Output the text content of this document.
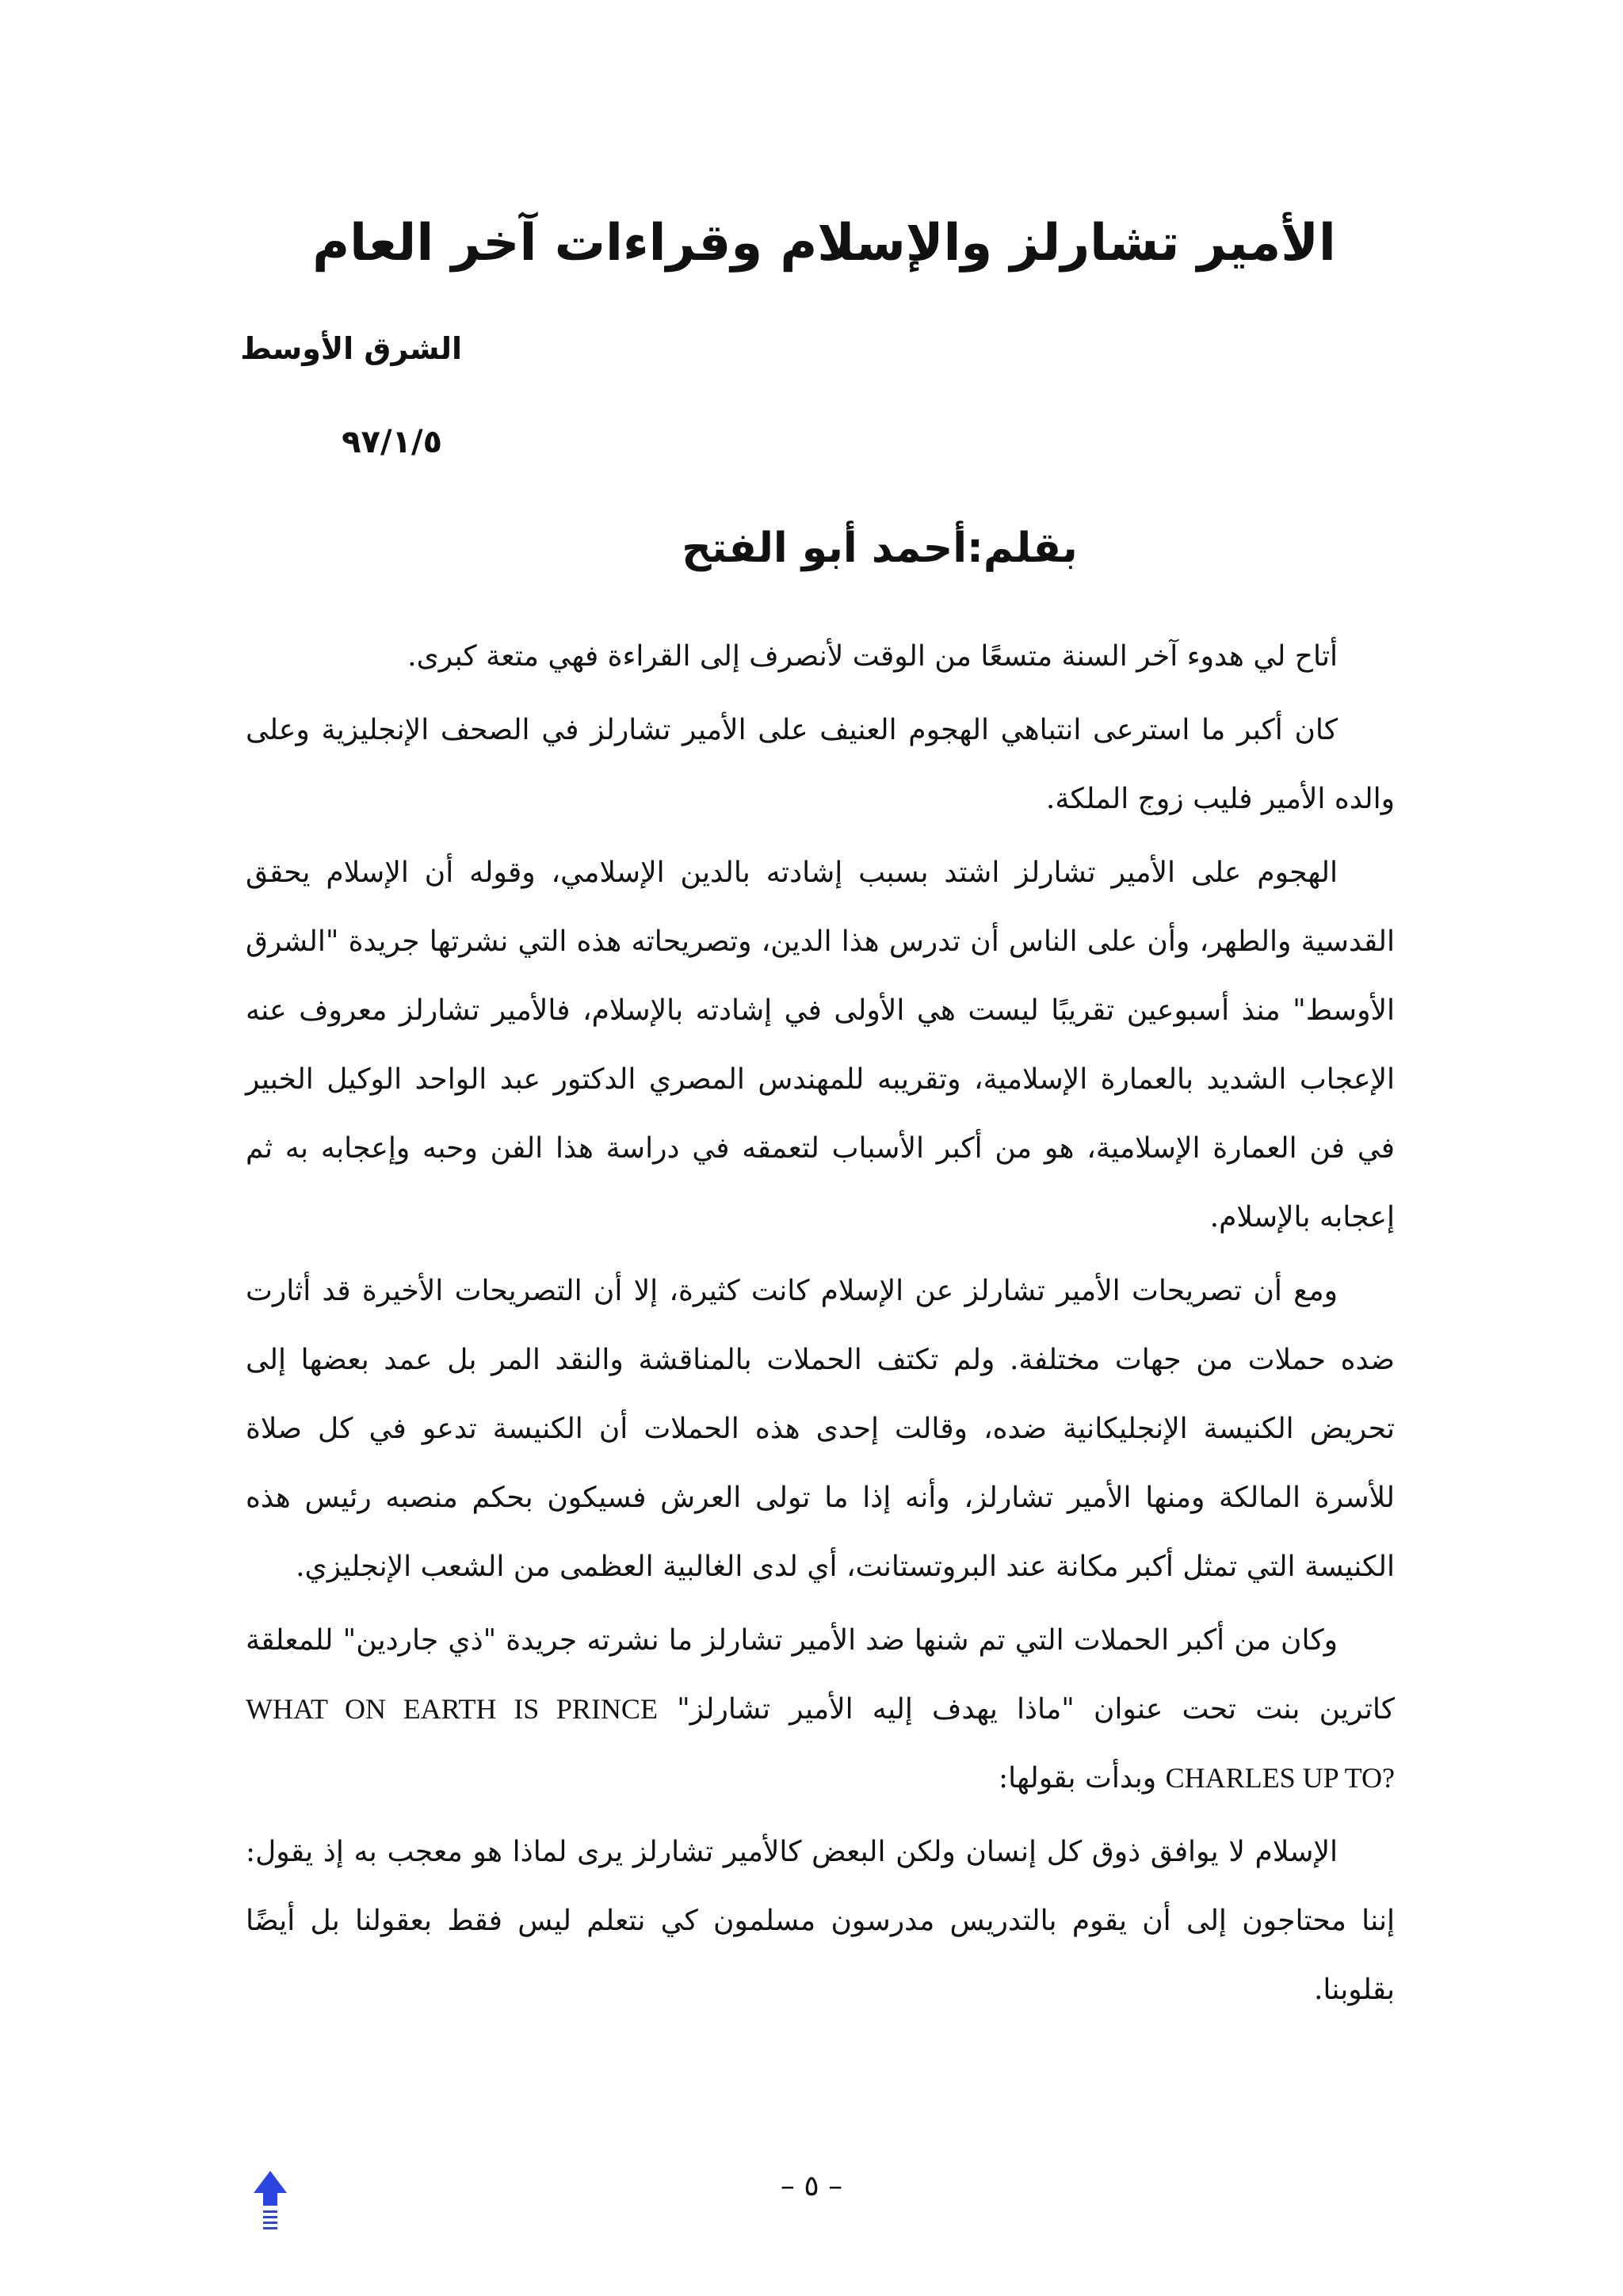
الأمير تشارلز والإسلام وقراءات آخر العام
الشرق الأوسط
٩٧/١/٥
بقلم:أحمد أبو الفتح

أتاح لي هدوء آخر السنة متسعًا من الوقت لأنصرف إلى القراءة فهي متعة كبرى.

كان أكبر ما استرعى انتباهي الهجوم العنيف على الأمير تشارلز في الصحف الإنجليزية وعلى والده الأمير فليب زوج الملكة.

الهجوم على الأمير تشارلز اشتد بسبب إشادته بالدين الإسلامي، وقوله أن الإسلام يحقق القدسية والطهر، وأن على الناس أن تدرس هذا الدين، وتصريحاته هذه التي نشرتها جريدة "الشرق الأوسط" منذ أسبوعين تقريبًا ليست هي الأولى في إشادته بالإسلام، فالأمير تشارلز معروف عنه الإعجاب الشديد بالعمارة الإسلامية، وتقريبه للمهندس المصري الدكتور عبد الواحد الوكيل الخبير في فن العمارة الإسلامية، هو من أكبر الأسباب لتعمقه في دراسة هذا الفن وحبه وإعجابه به ثم إعجابه بالإسلام.

ومع أن تصريحات الأمير تشارلز عن الإسلام كانت كثيرة، إلا أن التصريحات الأخيرة قد أثارت ضده حملات من جهات مختلفة. ولم تكتف الحملات بالمناقشة والنقد المر بل عمد بعضها إلى تحريض الكنيسة الإنجليكانية ضده، وقالت إحدى هذه الحملات أن الكنيسة تدعو في كل صلاة للأسرة المالكة ومنها الأمير تشارلز، وأنه إذا ما تولى العرش فسيكون بحكم منصبه رئيس هذه الكنيسة التي تمثل أكبر مكانة عند البروتستانت، أي لدى الغالبية العظمى من الشعب الإنجليزي.

وكان من أكبر الحملات التي تم شنها ضد الأمير تشارلز ما نشرته جريدة "ذي جاردين" للمعلقة كاترين بنت تحت عنوان "ماذا يهدف إليه الأمير تشارلز" WHAT ON EARTH IS PRINCE CHARLES UP TO? وبدأت بقولها:

الإسلام لا يوافق ذوق كل إنسان ولكن البعض كالأمير تشارلز يرى لماذا هو معجب به إذ يقول: إننا محتاجون إلى أن يقوم بالتدريس مدرسون مسلمون كي نتعلم ليس فقط بعقولنا بل أيضًا بقلوبنا.

– ٥ –
